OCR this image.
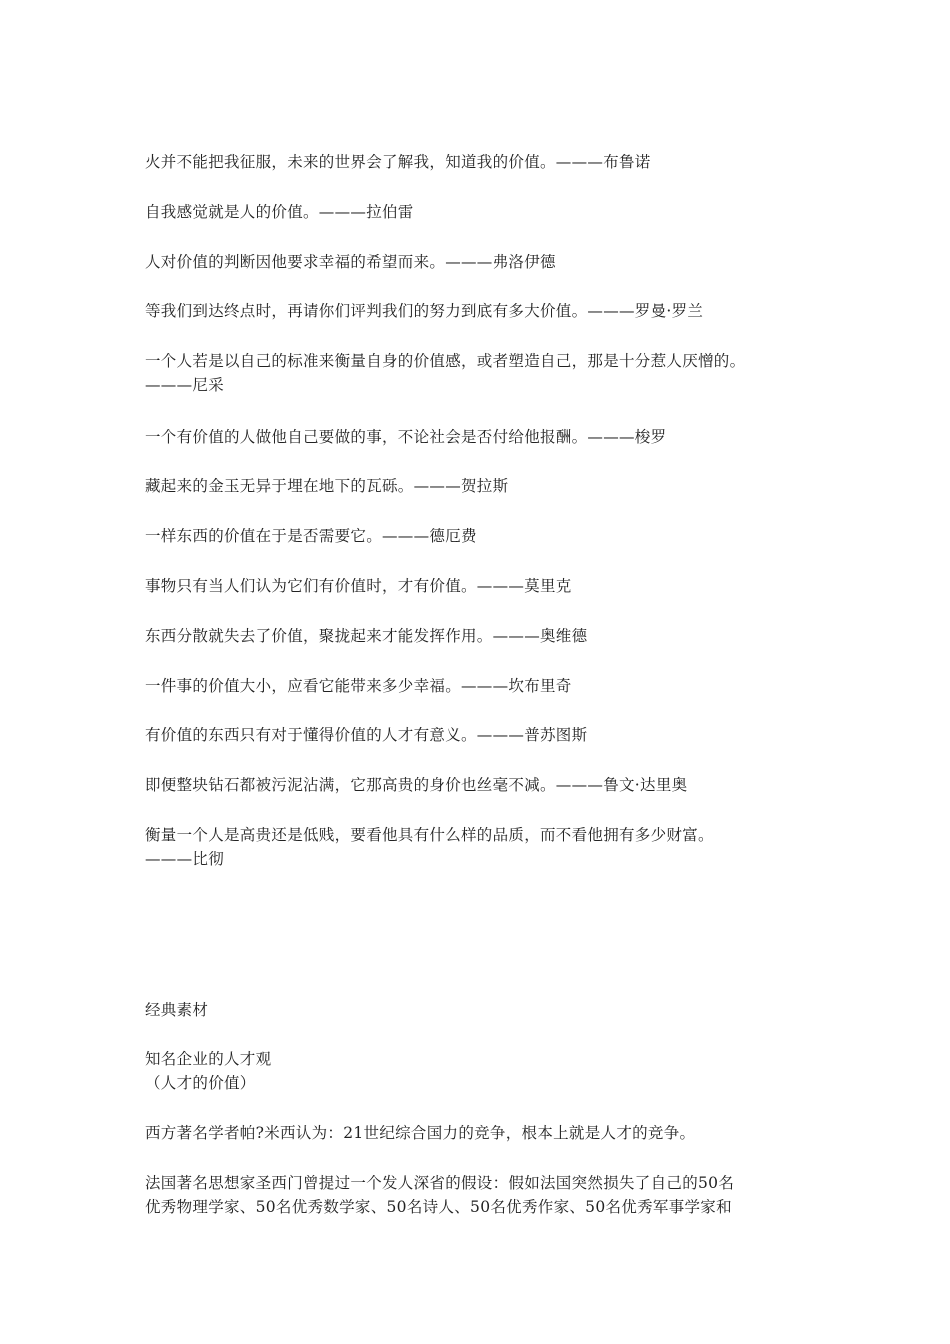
火并不能把我征服，未来的世界会了解我，知道我的价值。———布鲁诺
自我感觉就是人的价值。———拉伯雷
人对价值的判断因他要求幸福的希望而来。———弗洛伊德
等我们到达终点时，再请你们评判我们的努力到底有多大价值。———罗曼·罗兰
一个人若是以自己的标准来衡量自身的价值感，或者塑造自己，那是十分惹人厌憎的。
———尼采
一个有价值的人做他自己要做的事，不论社会是否付给他报酬。———梭罗
藏起来的金玉无异于埋在地下的瓦砾。———贺拉斯
一样东西的价值在于是否需要它。———德厄费
事物只有当人们认为它们有价值时，才有价值。———莫里克
东西分散就失去了价值，聚拢起来才能发挥作用。———奥维德
一件事的价值大小，应看它能带来多少幸福。———坎布里奇
有价值的东西只有对于懂得价值的人才有意义。———普苏图斯
即便整块钻石都被污泥沾满，它那高贵的身价也丝毫不减。———鲁文·达里奥
衡量一个人是高贵还是低贱，要看他具有什么样的品质，而不看他拥有多少财富。
———比彻
经典素材
知名企业的人才观
（人才的价值）
西方著名学者帕?米西认为：21世纪综合国力的竞争，根本上就是人才的竞争。
法国著名思想家圣西门曾提过一个发人深省的假设：假如法国突然损失了自己的50名
优秀物理学家、50名优秀数学家、50名诗人、50名优秀作家、50名优秀军事学家和
